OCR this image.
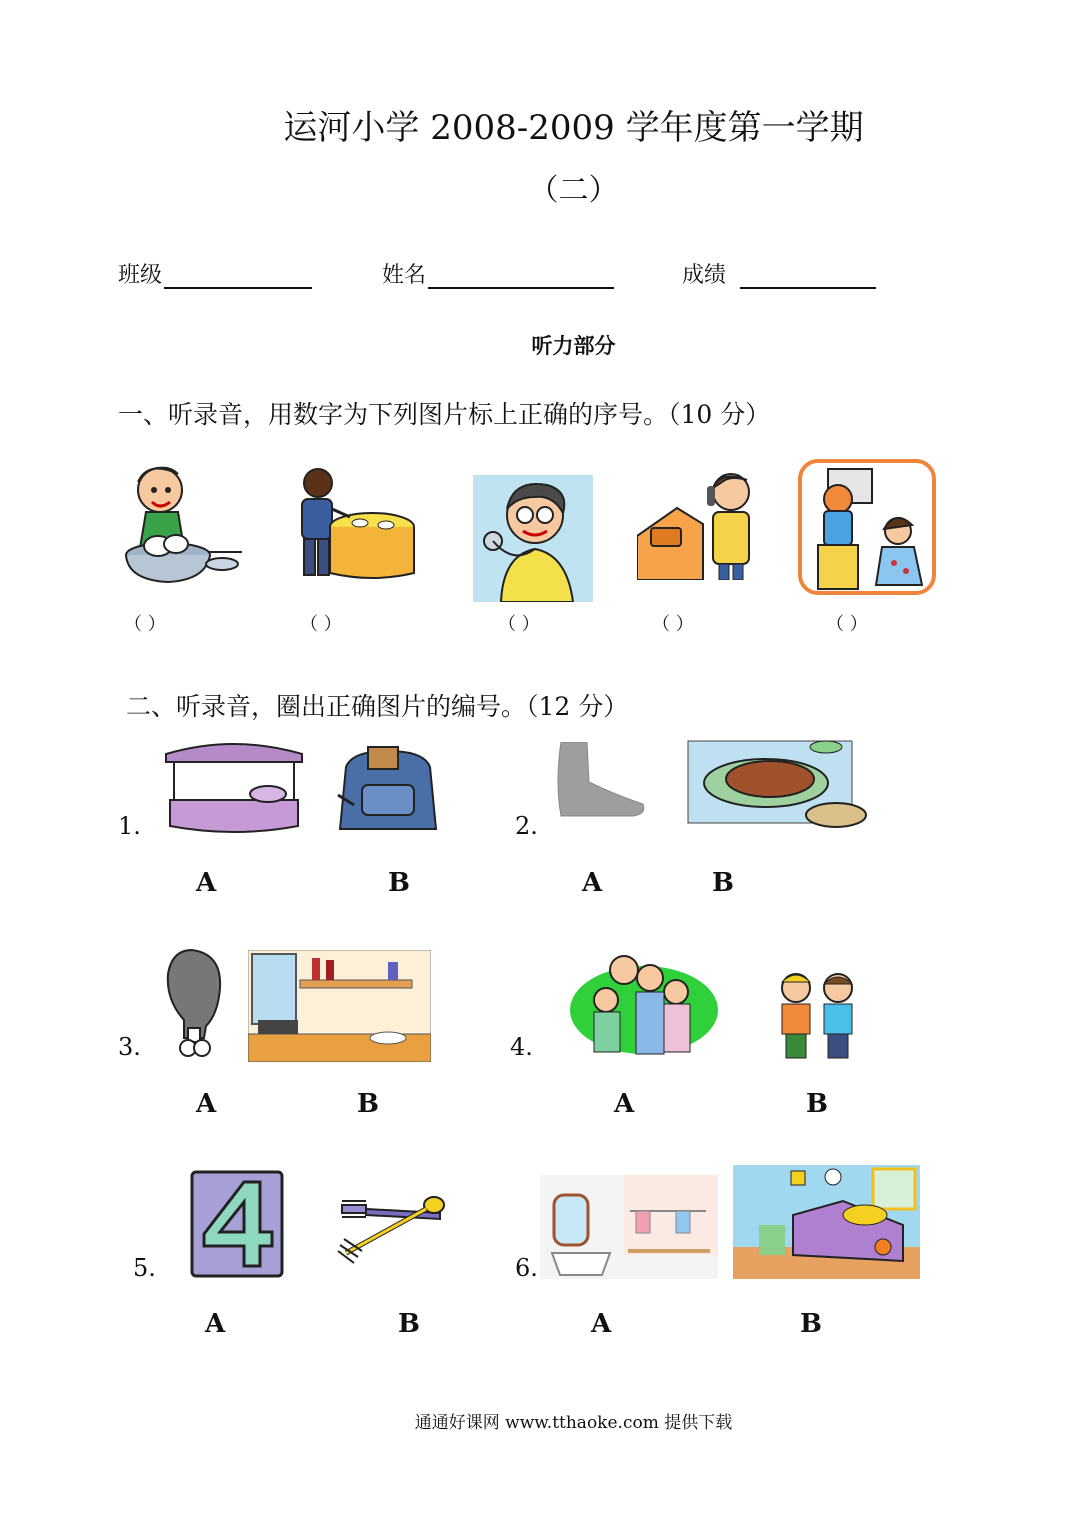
运河小学 2008-2009 学年度第一学期
（二）
班级	姓名	成绩
听力部分
一、听录音，用数字为下列图片标上正确的序号。（10 分）
（ ）	（ ）	（ ）	（ ）	（ ）
二、听录音，圈出正确图片的编号。（12 分）
1.
A	B
2.
A	B
3.
A	B
4.
A	B
5.
A	B
6.
A	B
通通好课网 www.tthaoke.com 提供下载
